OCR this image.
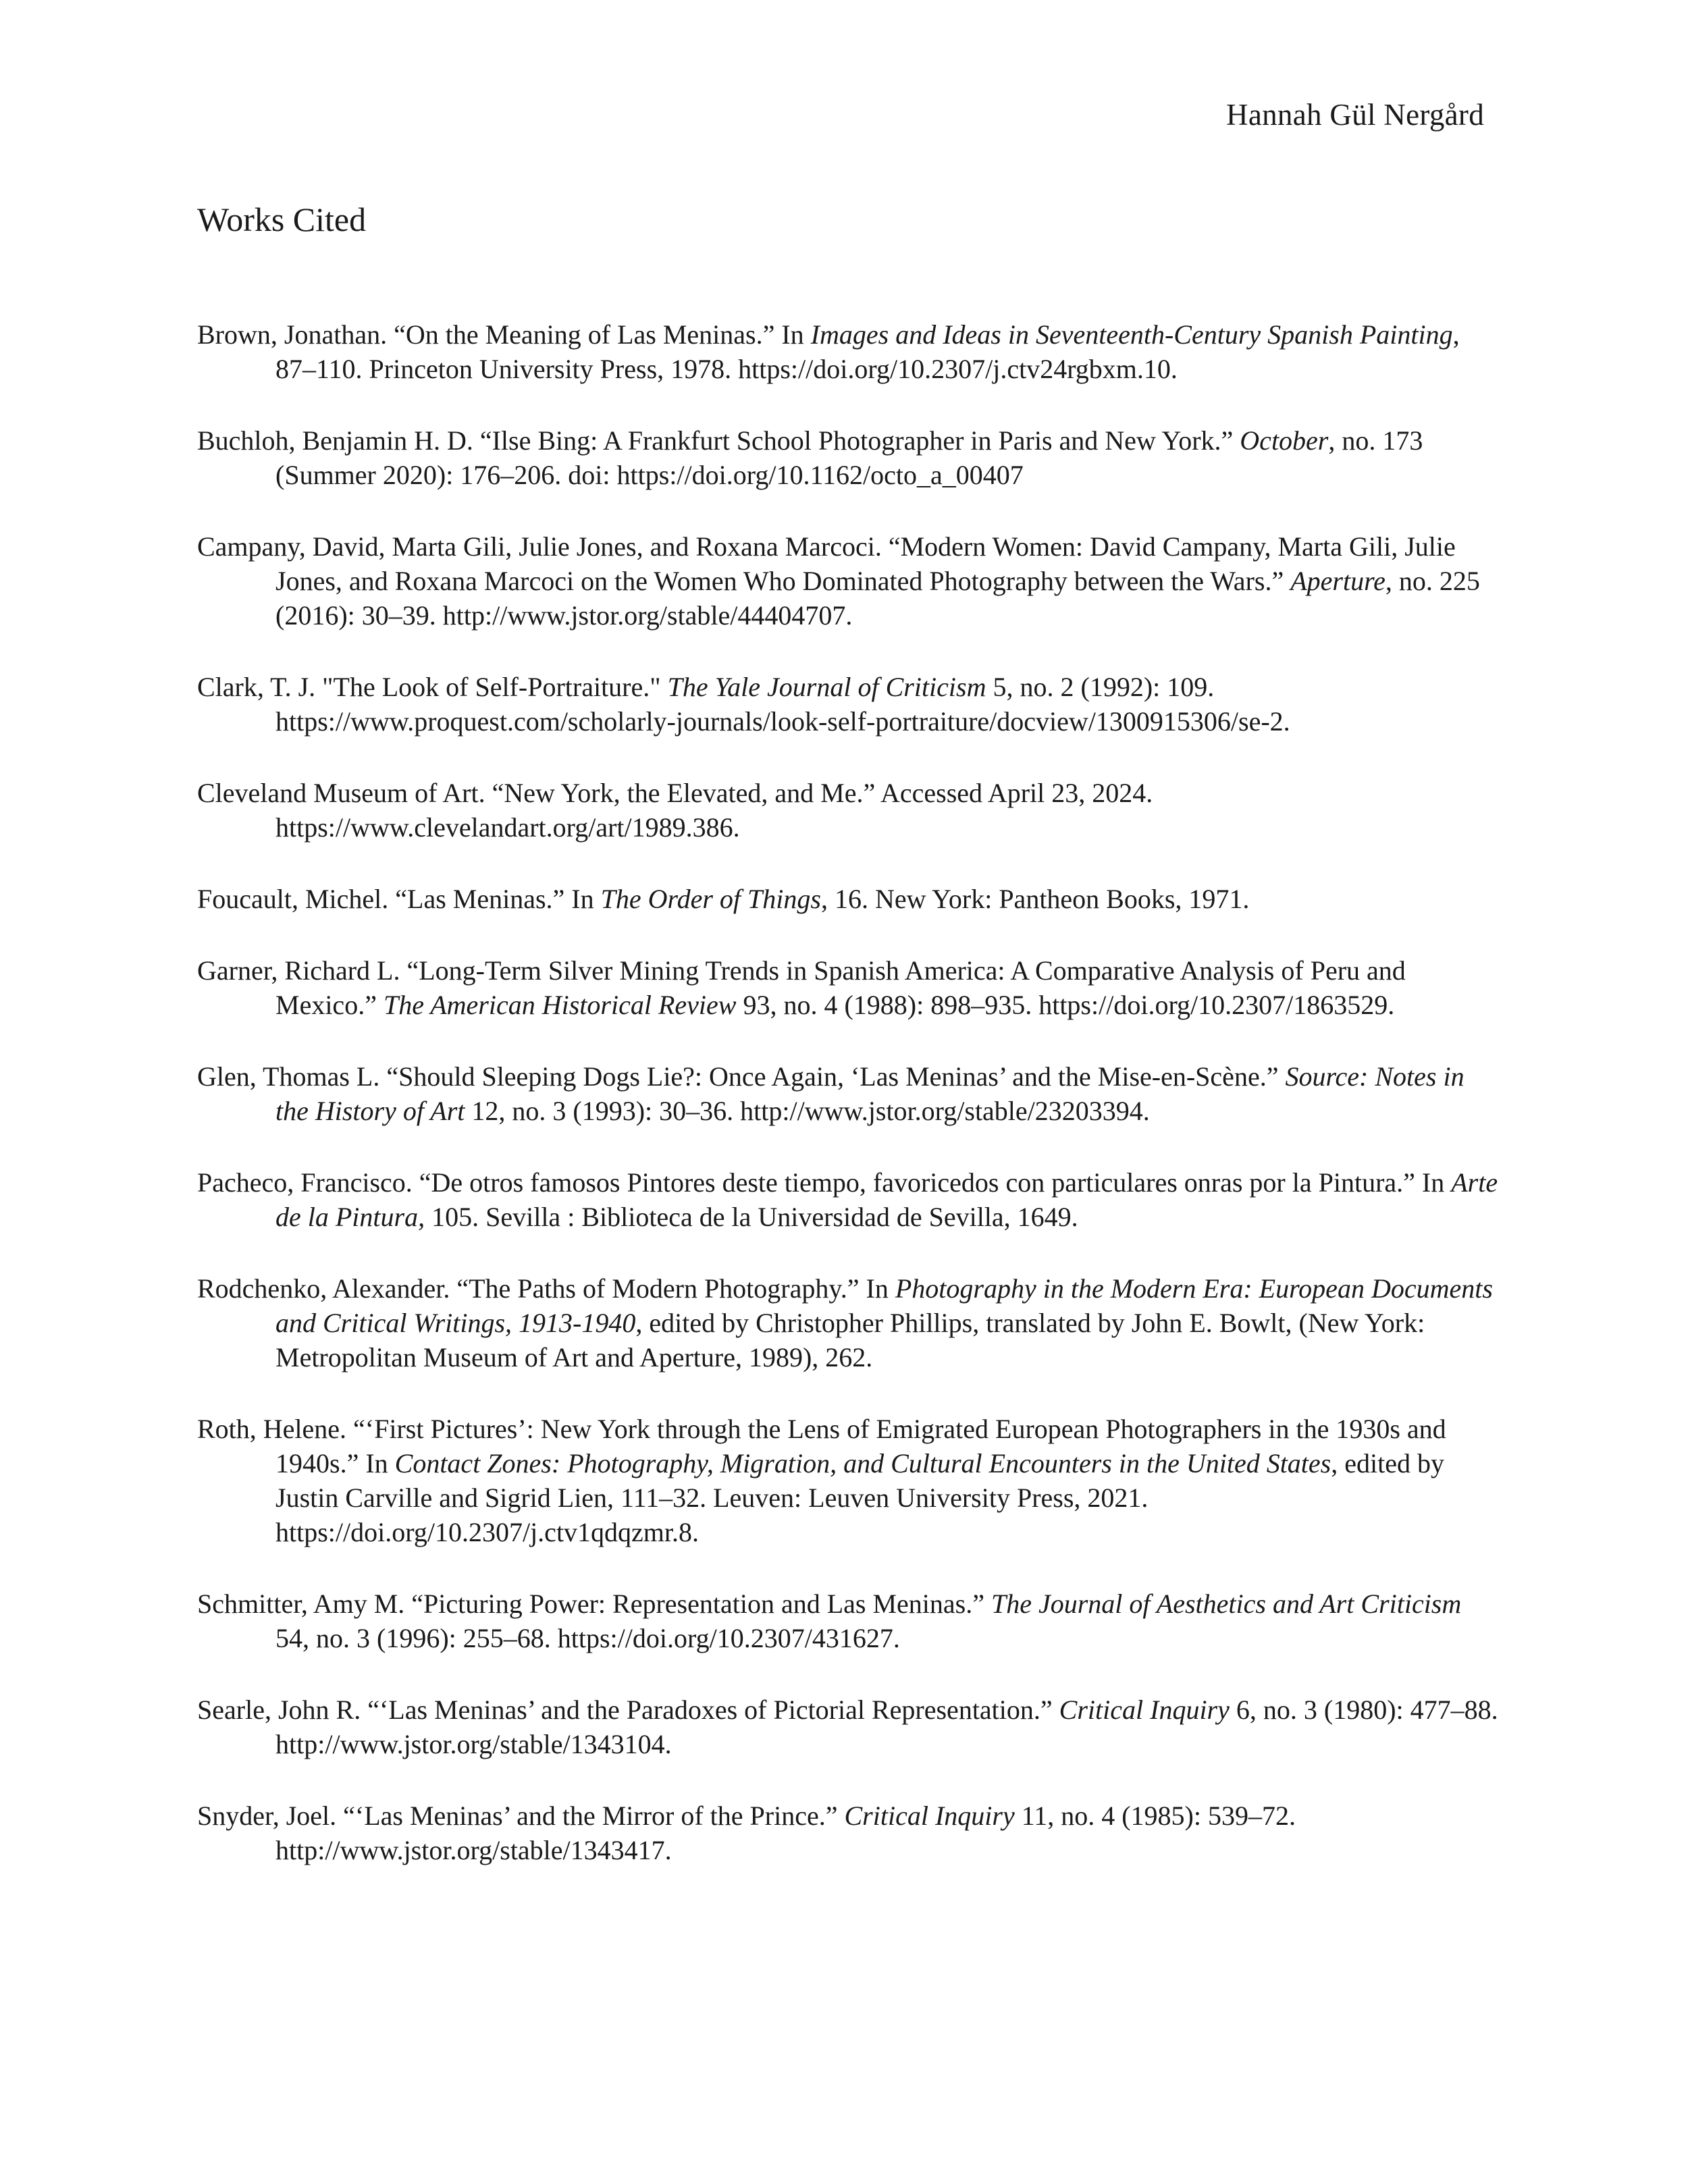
Hannah Gül Nergård
Works Cited
Brown, Jonathan. “On the Meaning of Las Meninas.” In Images and Ideas in Seventeenth-Century Spanish Painting, 87–110. Princeton University Press, 1978. https://doi.org/10.2307/j.ctv24rgbxm.10.
Buchloh, Benjamin H. D. “Ilse Bing: A Frankfurt School Photographer in Paris and New York.” October, no. 173 (Summer 2020): 176–206. doi: https://doi.org/10.1162/octo_a_00407
Campany, David, Marta Gili, Julie Jones, and Roxana Marcoci. “Modern Women: David Campany, Marta Gili, Julie Jones, and Roxana Marcoci on the Women Who Dominated Photography between the Wars.” Aperture, no. 225 (2016): 30–39. http://www.jstor.org/stable/44404707.
Clark, T. J. "The Look of Self-Portraiture." The Yale Journal of Criticism 5, no. 2 (1992): 109. https://www.proquest.com/scholarly-journals/look-self-portraiture/docview/1300915306/se-2.
Cleveland Museum of Art. “New York, the Elevated, and Me.” Accessed April 23, 2024. https://www.clevelandart.org/art/1989.386.
Foucault, Michel. “Las Meninas.” In The Order of Things, 16. New York: Pantheon Books, 1971.
Garner, Richard L. “Long-Term Silver Mining Trends in Spanish America: A Comparative Analysis of Peru and Mexico.” The American Historical Review 93, no. 4 (1988): 898–935. https://doi.org/10.2307/1863529.
Glen, Thomas L. “Should Sleeping Dogs Lie?: Once Again, ‘Las Meninas’ and the Mise-en-Scène.” Source: Notes in the History of Art 12, no. 3 (1993): 30–36. http://www.jstor.org/stable/23203394.
Pacheco, Francisco. “De otros famosos Pintores deste tiempo, favoricedos con particulares onras por la Pintura.” In Arte de la Pintura, 105. Sevilla : Biblioteca de la Universidad de Sevilla, 1649.
Rodchenko, Alexander. “The Paths of Modern Photography.” In Photography in the Modern Era: European Documents and Critical Writings, 1913-1940, edited by Christopher Phillips, translated by John E. Bowlt, (New York: Metropolitan Museum of Art and Aperture, 1989), 262.
Roth, Helene. “‘First Pictures’: New York through the Lens of Emigrated European Photographers in the 1930s and 1940s.” In Contact Zones: Photography, Migration, and Cultural Encounters in the United States, edited by Justin Carville and Sigrid Lien, 111–32. Leuven: Leuven University Press, 2021. https://doi.org/10.2307/j.ctv1qdqzmr.8.
Schmitter, Amy M. “Picturing Power: Representation and Las Meninas.” The Journal of Aesthetics and Art Criticism 54, no. 3 (1996): 255–68. https://doi.org/10.2307/431627.
Searle, John R. “‘Las Meninas’ and the Paradoxes of Pictorial Representation.” Critical Inquiry 6, no. 3 (1980): 477–88. http://www.jstor.org/stable/1343104.
Snyder, Joel. “‘Las Meninas’ and the Mirror of the Prince.” Critical Inquiry 11, no. 4 (1985): 539–72. http://www.jstor.org/stable/1343417.
